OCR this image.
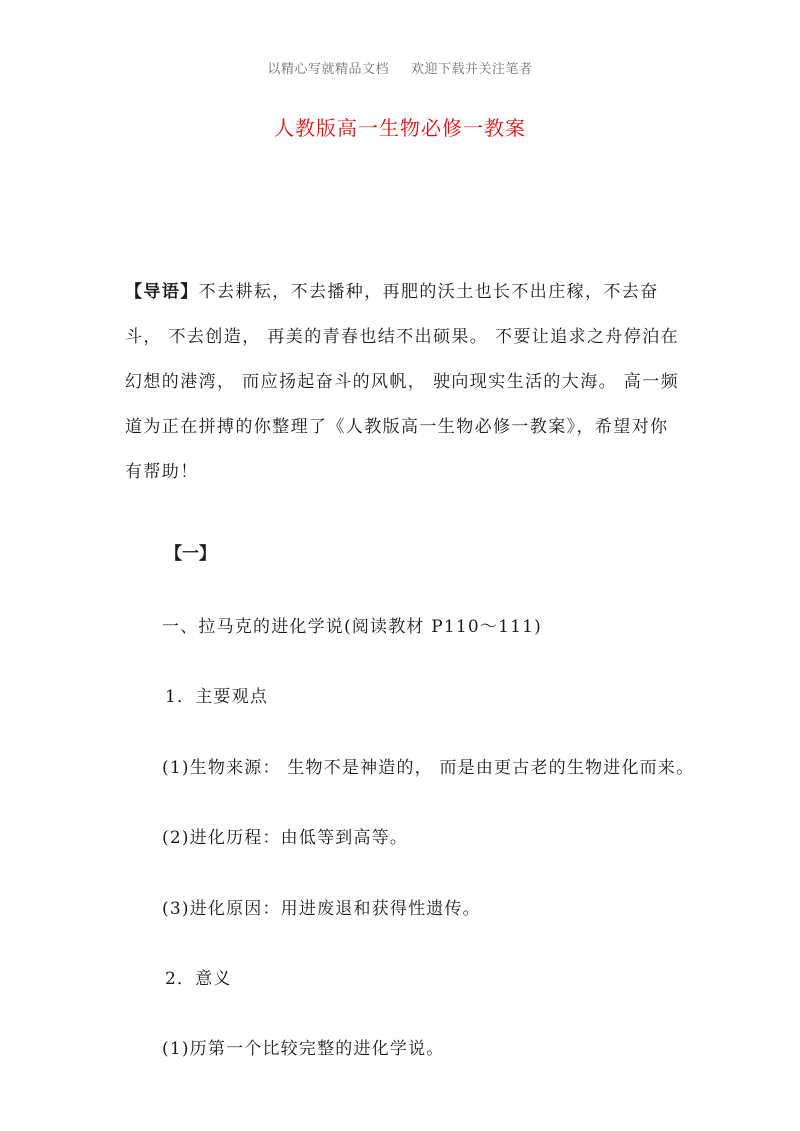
以精心写就精品文档 欢迎下载并关注笔者
人教版高一生物必修一教案

【导语】不去耕耘，不去播种，再肥的沃土也长不出庄稼，不去奋斗， 不去创造， 再美的青春也结不出硕果。 不要让追求之舟停泊在幻想的港湾， 而应扬起奋斗的风帆， 驶向现实生活的大海。 高一频道为正在拼搏的你整理了《人教版高一生物必修一教案》，希望对你有帮助！

【一】
一、拉马克的进化学说(阅读教材 P110～111)
1．主要观点
(1)生物来源： 生物不是神造的， 而是由更古老的生物进化而来。
(2)进化历程：由低等到高等。
(3)进化原因：用进废退和获得性遗传。
2．意义
(1)历第一个比较完整的进化学说。
